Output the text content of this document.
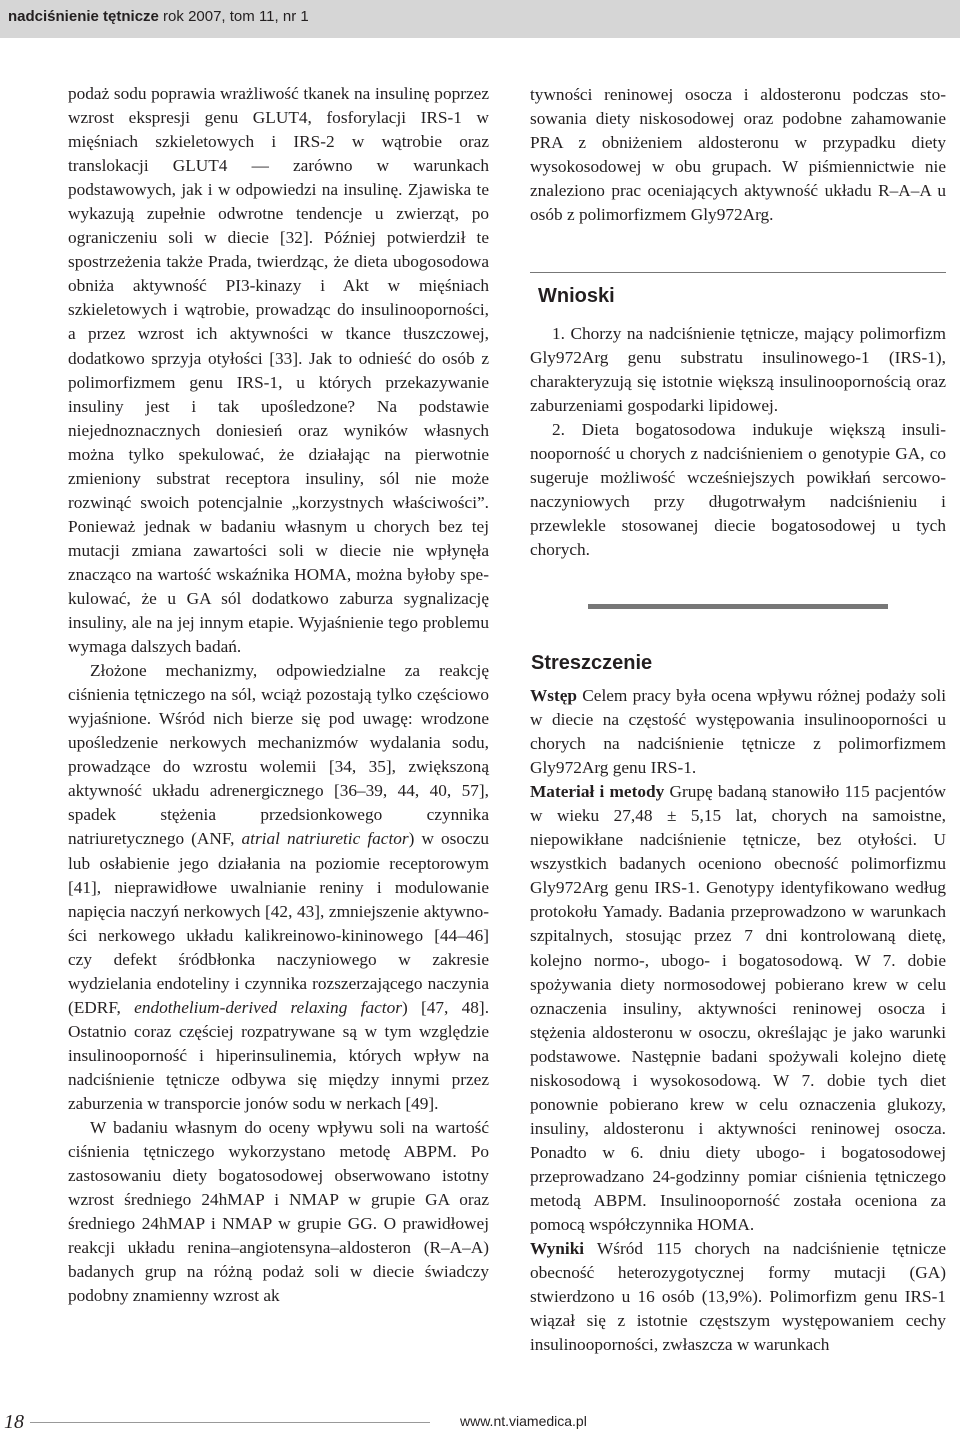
nadciśnienie tętnicze rok 2007, tom 11, nr 1

podaż sodu poprawia wrażliwość tkanek na insulinę poprzez wzrost ekspresji genu GLUT4, fosforylacji IRS-1 w mięśniach szkieletowych i IRS-2 w wątrobie oraz translokacji GLUT4 — zarówno w warunkach podstawowych, jak i w odpowiedzi na insulinę. Zjawiska te wykazują zupełnie odwrotne tendencje u zwierząt, po ograniczeniu soli w diecie [32]. Później potwierdził te spostrzeżenia także Prada, twierdząc, że dieta ubogosodowa obniża aktywność PI3-kinazy i Akt w mięśniach szkieletowych i wątrobie, prowadząc do insulinooporności, a przez wzrost ich aktywności w tkance tłuszczowej, dodatkowo sprzyja otyłości [33]. Jak to odnieść do osób z polimorfizmem genu IRS-1, u których przekazywanie insuliny jest i tak upośledzone? Na podstawie niejednoznacznych doniesień oraz wyników własnych można tylko spekulować, że działając na pierwotnie zmieniony substrat receptora insuliny, sól nie może rozwinąć swoich potencjalnie „korzystnych właściwości”. Ponieważ jednak w badaniu własnym u chorych bez tej mutacji zmiana zawartości soli w diecie nie wpłynęła znacząco na wartość wskaźnika HOMA, można byłoby spekulować, że u GA sól dodatkowo zaburza sygnalizację insuliny, ale na jej innym etapie. Wyjaśnienie tego problemu wymaga dalszych badań.

Złożone mechanizmy, odpowiedzialne za reakcję ciśnienia tętniczego na sól, wciąż pozostają tylko częściowo wyjaśnione. Wśród nich bierze się pod uwagę: wrodzone upośledzenie nerkowych mechanizmów wydalania sodu, prowadzące do wzrostu wolemii [34, 35], zwiększoną aktywność układu adrenergicznego [36–39, 44, 40, 57], spadek stężenia przedsionkowego czynnika natriuretycznego (ANF, atrial natriuretic factor) w osoczu lub osłabienie jego działania na poziomie receptorowym [41], nieprawidłowe uwalnianie reniny i modulowanie napięcia naczyń nerkowych [42, 43], zmniejszenie aktywności nerkowego układu kalikreinowo-kininowego [44–46] czy defekt śródbłonka naczyniowego w zakresie wydzielania endoteliny i czynnika rozszerzającego naczynia (EDRF, endothelium-derived relaxing factor) [47, 48]. Ostatnio coraz częściej rozpatrywane są w tym względzie insulinooporność i hiperinsulinemia, których wpływ na nadciśnienie tętnicze odbywa się między innymi przez zaburzenia w transporcie jonów sodu w nerkach [49].

W badaniu własnym do oceny wpływu soli na wartość ciśnienia tętniczego wykorzystano metodę ABPM. Po zastosowaniu diety bogatosodowej obserwowano istotny wzrost średniego 24hMAP i NMAP w grupie GA oraz średniego 24hMAP i NMAP w grupie GG. O prawidłowej reakcji układu renina–angiotensyna–aldosteron (R–A–A) badanych grup na różną podaż soli w diecie świadczy podobny znamienny wzrost ak

tywności reninowej osocza i aldosteronu podczas stosowania diety niskosodowej oraz podobne zahamowanie PRA z obniżeniem aldosteronu w przypadku diety wysokosodowej w obu grupach. W piśmiennictwie nie znaleziono prac oceniających aktywność układu R–A–A u osób z polimorfizmem Gly972Arg.

Wnioski

1. Chorzy na nadciśnienie tętnicze, mający polimorfizm Gly972Arg genu substratu insulinowego-1 (IRS-1), charakteryzują się istotnie większą insulinoopornością oraz zaburzeniami gospodarki lipidowej.

2. Dieta bogatosodowa indukuje większą insulinooporność u chorych z nadciśnieniem o genotypie GA, co sugeruje możliwość wcześniejszych powikłań sercowo-naczyniowych przy długotrwałym nadciśnieniu i przewlekle stosowanej diecie bogatosodowej u tych chorych.

Streszczenie

Wstęp Celem pracy była ocena wpływu różnej podaży soli w diecie na częstość występowania insulinooporności u chorych na nadciśnienie tętnicze z polimorfizmem Gly972Arg genu IRS-1.

Materiał i metody Grupę badaną stanowiło 115 pacjentów w wieku 27,48 ± 5,15 lat, chorych na samoistne, niepowikłane nadciśnienie tętnicze, bez otyłości. U wszystkich badanych oceniono obecność polimorfizmu Gly972Arg genu IRS-1. Genotypy identyfikowano według protokołu Yamady. Badania przeprowadzono w warunkach szpitalnych, stosując przez 7 dni kontrolowaną dietę, kolejno normo-, ubogo- i bogatosodową. W 7. dobie spożywania diety normosodowej pobierano krew w celu oznaczenia insuliny, aktywności reninowej osocza i stężenia aldosteronu w osoczu, określając je jako warunki podstawowe. Następnie badani spożywali kolejno dietę niskosodową i wysokosodową. W 7. dobie tych diet ponownie pobierano krew w celu oznaczenia glukozy, insuliny, aldosteronu i aktywności reninowej osocza. Ponadto w 6. dniu diety ubogo- i bogatosodowej przeprowadzano 24-godzinny pomiar ciśnienia tętniczego metodą ABPM. Insulinooporność została oceniona za pomocą współczynnika HOMA.

Wyniki Wśród 115 chorych na nadciśnienie tętnicze obecność heterozygotycznej formy mutacji (GA) stwierdzono u 16 osób (13,9%). Polimorfizm genu IRS-1 wiązał się z istotnie częstszym występowaniem cechy insulinooporności, zwłaszcza w warunkach

18	www.nt.viamedica.pl
